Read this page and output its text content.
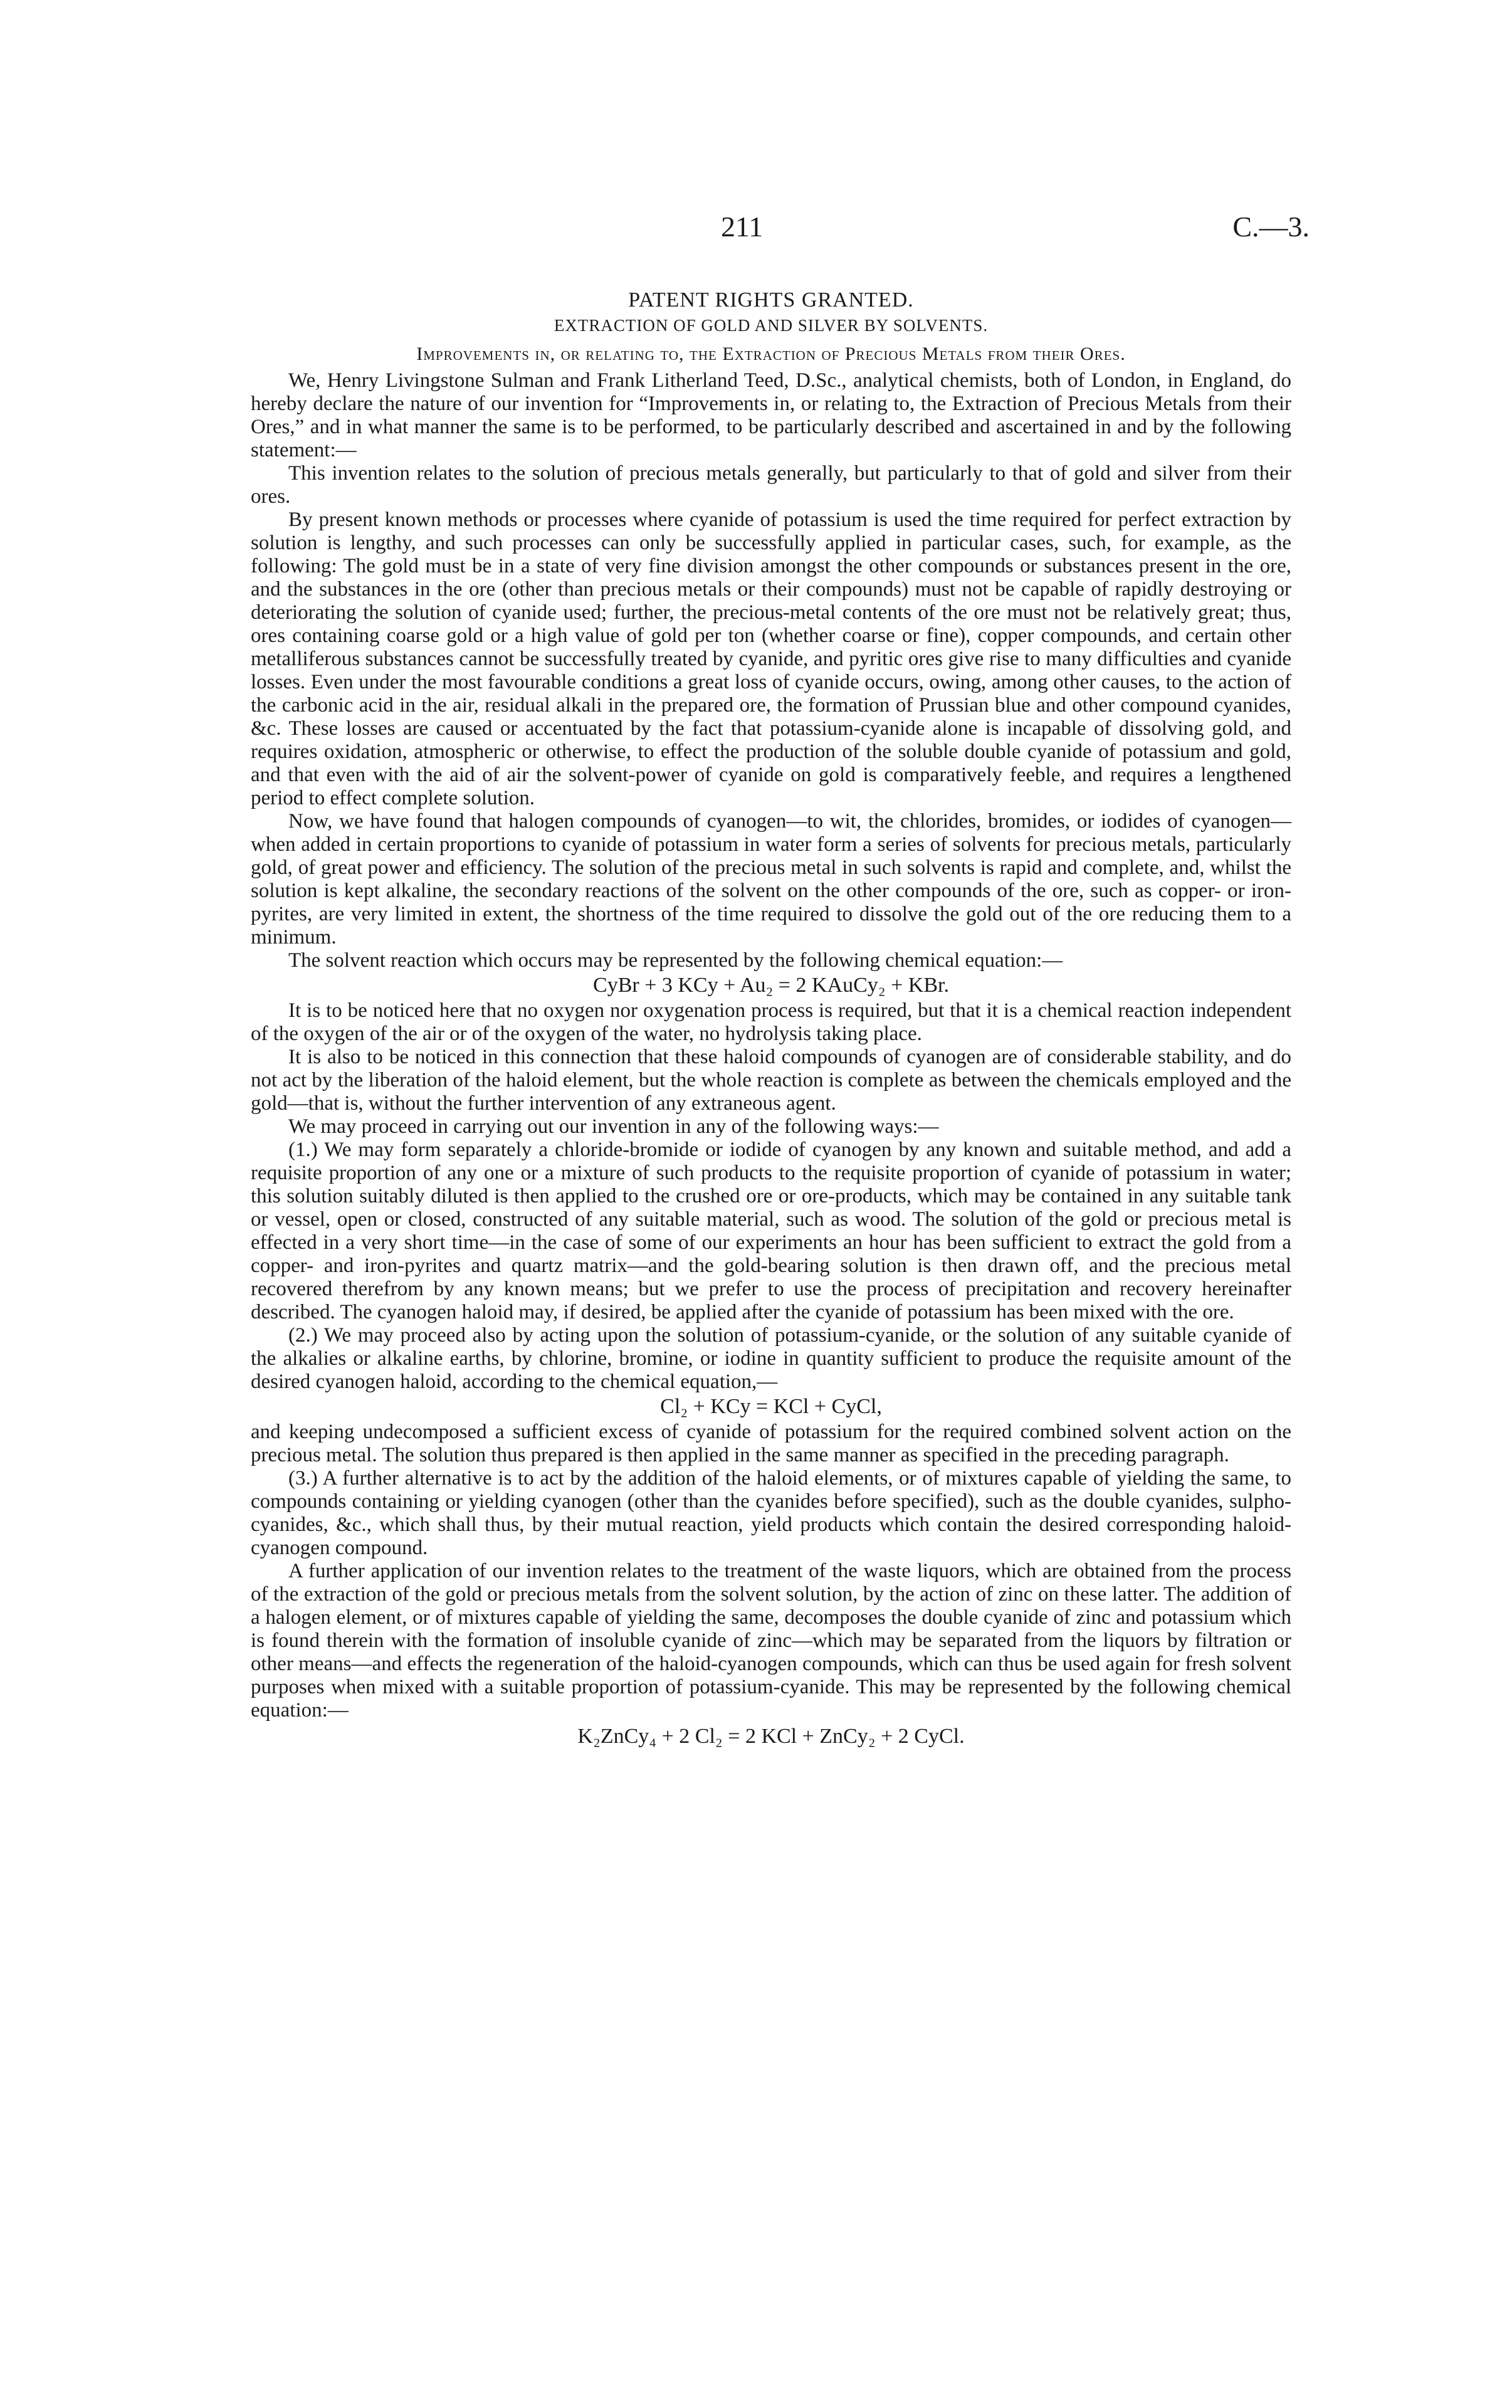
211	C.—3.
PATENT RIGHTS GRANTED.
EXTRACTION OF GOLD AND SILVER BY SOLVENTS.
Improvements in, or relating to, the Extraction of Precious Metals from their Ores.

We, Henry Livingstone Sulman and Frank Litherland Teed, D.Sc., analytical chemists, both of London, in England, do hereby declare the nature of our invention for “Improvements in, or relating to, the Extraction of Precious Metals from their Ores,” and in what manner the same is to be performed, to be particularly described and ascertained in and by the following statement:—

This invention relates to the solution of precious metals generally, but particularly to that of gold and silver from their ores.

By present known methods or processes where cyanide of potassium is used the time required for perfect extraction by solution is lengthy, and such processes can only be successfully applied in particular cases, such, for example, as the following: The gold must be in a state of very fine division amongst the other compounds or substances present in the ore, and the substances in the ore (other than precious metals or their compounds) must not be capable of rapidly destroying or deteriorating the solution of cyanide used; further, the precious-metal contents of the ore must not be relatively great; thus, ores containing coarse gold or a high value of gold per ton (whether coarse or fine), copper compounds, and certain other metalliferous substances cannot be successfully treated by cyanide, and pyritic ores give rise to many difficulties and cyanide losses. Even under the most favourable conditions a great loss of cyanide occurs, owing, among other causes, to the action of the carbonic acid in the air, residual alkali in the prepared ore, the formation of Prussian blue and other compound cyanides, &c. These losses are caused or accentuated by the fact that potassium-cyanide alone is incapable of dissolving gold, and requires oxidation, atmospheric or otherwise, to effect the production of the soluble double cyanide of potassium and gold, and that even with the aid of air the solvent-power of cyanide on gold is comparatively feeble, and requires a lengthened period to effect complete solution.

Now, we have found that halogen compounds of cyanogen—to wit, the chlorides, bromides, or iodides of cyanogen—when added in certain proportions to cyanide of potassium in water form a series of solvents for precious metals, particularly gold, of great power and efficiency. The solution of the precious metal in such solvents is rapid and complete, and, whilst the solution is kept alkaline, the secondary reactions of the solvent on the other compounds of the ore, such as copper- or iron-pyrites, are very limited in extent, the shortness of the time required to dissolve the gold out of the ore reducing them to a minimum.

The solvent reaction which occurs may be represented by the following chemical equation:—

CyBr + 3 KCy + Au₂ = 2 KAuCy₂ + KBr.

It is to be noticed here that no oxygen nor oxygenation process is required, but that it is a chemical reaction independent of the oxygen of the air or of the oxygen of the water, no hydrolysis taking place.

It is also to be noticed in this connection that these haloid compounds of cyanogen are of considerable stability, and do not act by the liberation of the haloid element, but the whole reaction is complete as between the chemicals employed and the gold—that is, without the further intervention of any extraneous agent.

We may proceed in carrying out our invention in any of the following ways:—

(1.) We may form separately a chloride-bromide or iodide of cyanogen by any known and suitable method, and add a requisite proportion of any one or a mixture of such products to the requisite proportion of cyanide of potassium in water; this solution suitably diluted is then applied to the crushed ore or ore-products, which may be contained in any suitable tank or vessel, open or closed, constructed of any suitable material, such as wood. The solution of the gold or precious metal is effected in a very short time—in the case of some of our experiments an hour has been sufficient to extract the gold from a copper- and iron-pyrites and quartz matrix—and the gold-bearing solution is then drawn off, and the precious metal recovered therefrom by any known means; but we prefer to use the process of precipitation and recovery hereinafter described. The cyanogen haloid may, if desired, be applied after the cyanide of potassium has been mixed with the ore.

(2.) We may proceed also by acting upon the solution of potassium-cyanide, or the solution of any suitable cyanide of the alkalies or alkaline earths, by chlorine, bromine, or iodine in quantity sufficient to produce the requisite amount of the desired cyanogen haloid, according to the chemical equation,—

Cl₂ + KCy = KCl + CyCl,

and keeping undecomposed a sufficient excess of cyanide of potassium for the required combined solvent action on the precious metal. The solution thus prepared is then applied in the same manner as specified in the preceding paragraph.

(3.) A further alternative is to act by the addition of the haloid elements, or of mixtures capable of yielding the same, to compounds containing or yielding cyanogen (other than the cyanides before specified), such as the double cyanides, sulpho-cyanides, &c., which shall thus, by their mutual reaction, yield products which contain the desired corresponding haloid-cyanogen compound.

A further application of our invention relates to the treatment of the waste liquors, which are obtained from the process of the extraction of the gold or precious metals from the solvent solution, by the action of zinc on these latter. The addition of a halogen element, or of mixtures capable of yielding the same, decomposes the double cyanide of zinc and potassium which is found therein with the formation of insoluble cyanide of zinc—which may be separated from the liquors by filtration or other means—and effects the regeneration of the haloid-cyanogen compounds, which can thus be used again for fresh solvent purposes when mixed with a suitable proportion of potassium-cyanide. This may be represented by the following chemical equation:—

K₂ZnCy₄ + 2 Cl₂ = 2 KCl + ZnCy₂ + 2 CyCl.
